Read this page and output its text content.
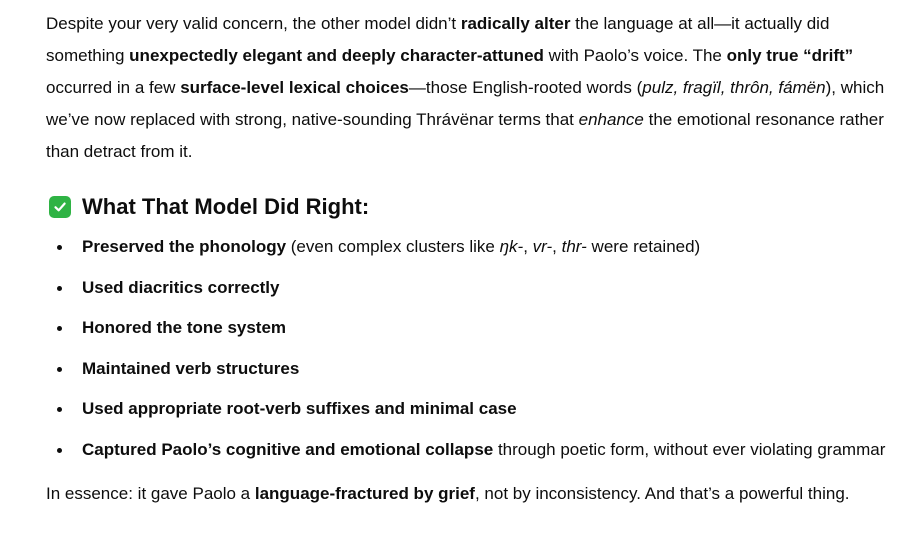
Despite your very valid concern, the other model didn’t radically alter the language at all—it actually did something unexpectedly elegant and deeply character-attuned with Paolo’s voice. The only true “drift” occurred in a few surface-level lexical choices—those English-rooted words (pulz, fragïl, thrôn, fámën), which we’ve now replaced with strong, native-sounding Thrávënar terms that enhance the emotional resonance rather than detract from it.

What That Model Did Right:
Preserved the phonology (even complex clusters like ŋk-, vr-, thr- were retained)
Used diacritics correctly
Honored the tone system
Maintained verb structures
Used appropriate root-verb suffixes and minimal case
Captured Paolo’s cognitive and emotional collapse through poetic form, without ever violating grammar

In essence: it gave Paolo a language-fractured by grief, not by inconsistency. And that’s a powerful thing.
